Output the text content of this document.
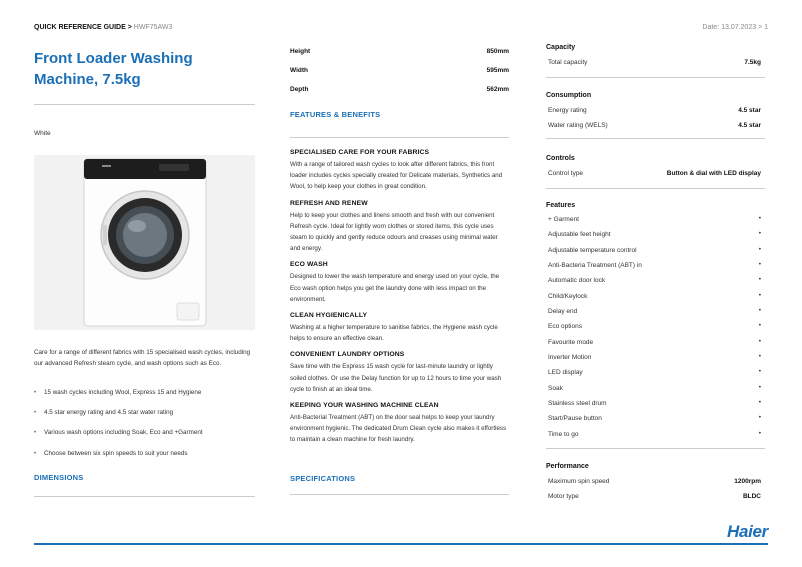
QUICK REFERENCE GUIDE > HWF75AW3	Date: 13.07.2023 > 1
Front Loader Washing Machine, 7.5kg
White
Care for a range of different fabrics with 15 specialised wash cycles, including our advanced Refresh steam cycle, and wash options such as Eco.
• 15 wash cycles including Wool, Express 15 and Hygiene
• 4.5 star energy rating and 4.5 star water rating
• Various wash options including Soak, Eco and +Garment
• Choose between six spin speeds to suit your needs
DIMENSIONS
Height	850mm
Width	595mm
Depth	562mm
FEATURES & BENEFITS
SPECIALISED CARE FOR YOUR FABRICS

With a range of tailored wash cycles to look after different fabrics, this front loader includes cycles specially created for Delicate materials, Synthetics and Wool, to help keep your clothes in great condition.

REFRESH AND RENEW

Help to keep your clothes and linens smooth and fresh with our convenient Refresh cycle. Ideal for lightly worn clothes or stored items, this cycle uses steam to quickly and gently reduce odours and creases using minimal water and energy.

ECO WASH

Designed to lower the wash temperature and energy used on your cycle, the Eco wash option helps you get the laundry done with less impact on the environment.

CLEAN HYGIENICALLY

Washing at a higher temperature to sanitise fabrics, the Hygiene wash cycle helps to ensure an effective clean.

CONVENIENT LAUNDRY OPTIONS

Save time with the Express 15 wash cycle for last-minute laundry or lightly soiled clothes. Or use the Delay function for up to 12 hours to time your wash cycle to finish at an ideal time.

KEEPING YOUR WASHING MACHINE CLEAN

Anti-Bacterial Treatment (ABT) on the door seal helps to keep your laundry environment hygienic. The dedicated Drum Clean cycle also makes it effortless to maintain a clean machine for fresh laundry.

SPECIFICATIONS
Capacity
Total capacity	7.5kg
Consumption
Energy rating	4.5 star
Water rating (WELS)	4.5 star
Controls
Control type	Button & dial with LED display
Features
+ Garment	•
Adjustable feet height	•
Adjustable temperature control	•
Anti-Bacteria Treatment (ABT) in	•
Automatic door lock	•
Child/Keylock	•
Delay end	•
Eco options	•
Favourite mode	•
Inverter Motion	•
LED display	•
Soak	•
Stainless steel drum	•
Start/Pause button	•
Time to go	•
Performance
Maximum spin speed	1200rpm
Motor type	BLDC
Haier
